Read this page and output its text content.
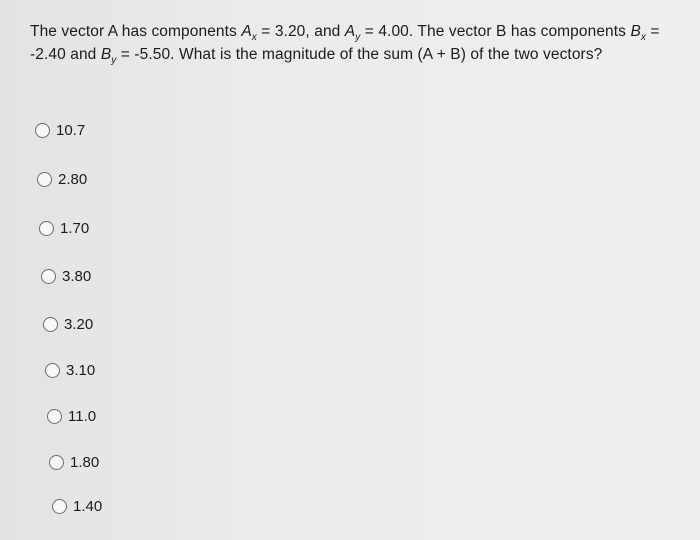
The vector A has components $A_x = 3.20$, and $A_y = 4.00$. The vector B has components $B_x = -2.40$ and $B_y = -5.50$. What is the magnitude of the sum (A + B) of the two vectors?
10.7
2.80
1.70
3.80
3.20
3.10
11.0
1.80
1.40
